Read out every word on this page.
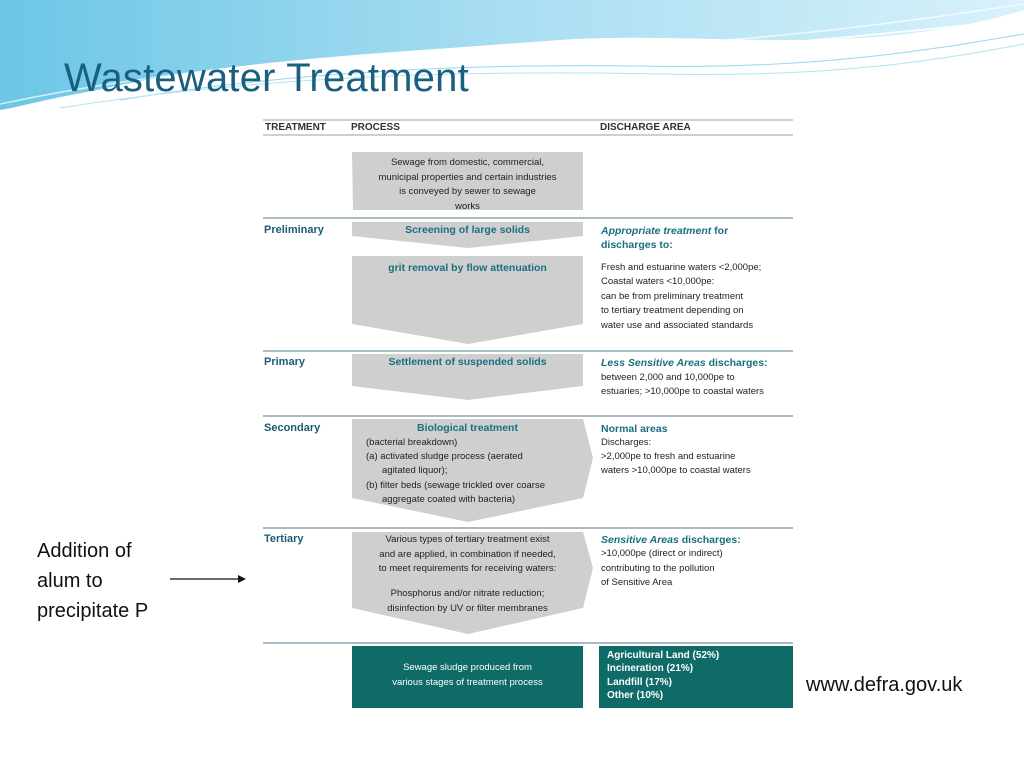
Wastewater Treatment
TREATMENT	PROCESS	DISCHARGE AREA
Preliminary
Primary
Secondary
Tertiary
Sewage from domestic, commercial,
municipal properties and certain industries
is conveyed by sewer to sewage
works
Screening of large solids
grit removal by flow attenuation
Settlement of suspended solids
Biological treatment
(bacterial breakdown)
(a) activated sludge process (aerated
agitated liquor);
(b) filter beds (sewage trickled over coarse
aggregate coated with bacteria)
Various types of tertiary treatment exist
and are applied, in combination if needed,
to meet requirements for receiving waters:
Phosphorus and/or nitrate reduction;
disinfection by UV or filter membranes
Sewage sludge produced from
various stages of treatment process
Appropriate treatment for
discharges to:
Fresh and estuarine waters <2,000pe;
Coastal waters <10,000pe:
can be from preliminary treatment
to tertiary treatment depending on
water use and associated standards
Less Sensitive Areas discharges:
between 2,000 and 10,000pe to
estuaries; >10,000pe to coastal waters
Normal areas
Discharges:
>2,000pe to fresh and estuarine
waters >10,000pe to coastal waters
Sensitive Areas discharges:
>10,000pe (direct or indirect)
contributing to the pollution
of Sensitive Area
Agricultural Land (52%)
Incineration (21%)
Landfill (17%)
Other (10%)
Addition of
alum to
precipitate P
www.defra.gov.uk
